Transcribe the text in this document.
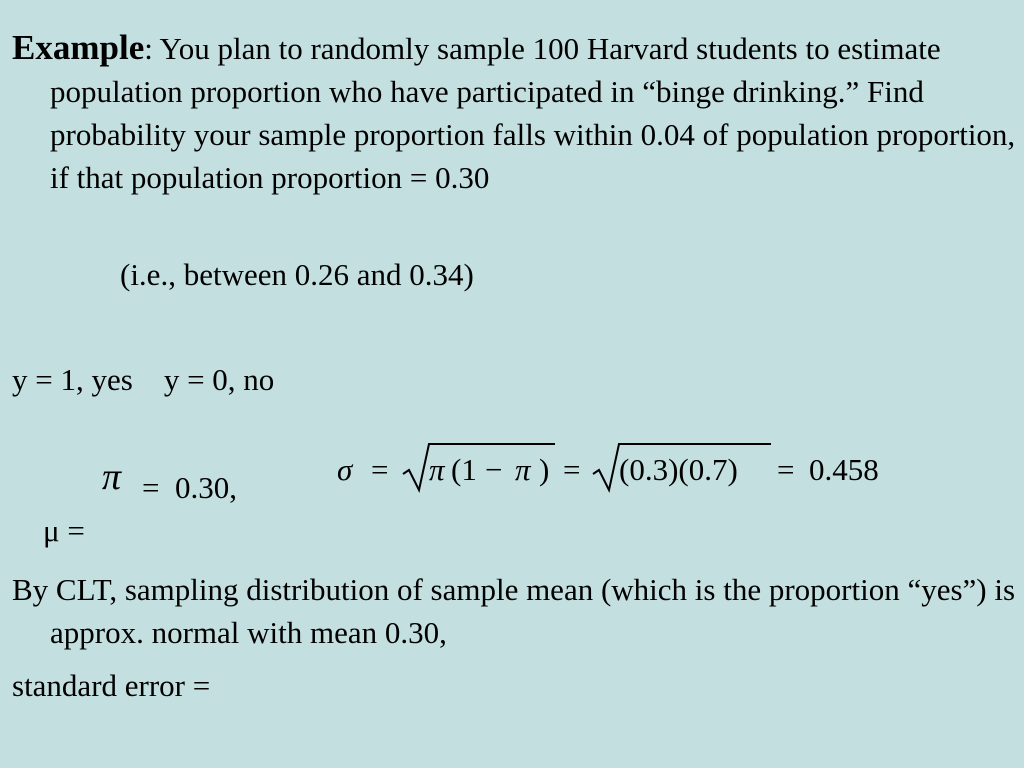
Example: You plan to randomly sample 100 Harvard students to estimate population proportion who have participated in “binge drinking.” Find probability your sample proportion falls within 0.04 of population proportion, if that population proportion = 0.30

(i.e., between 0.26 and 0.34)
y = 1, yes y = 0, no

μ =

π

=  0.30,

σ = π (1 − π ) = (0.3)(0.7) = 0.458

By CLT, sampling distribution of sample mean (which is the proportion “yes”) is approx. normal with mean 0.30,

standard error =
